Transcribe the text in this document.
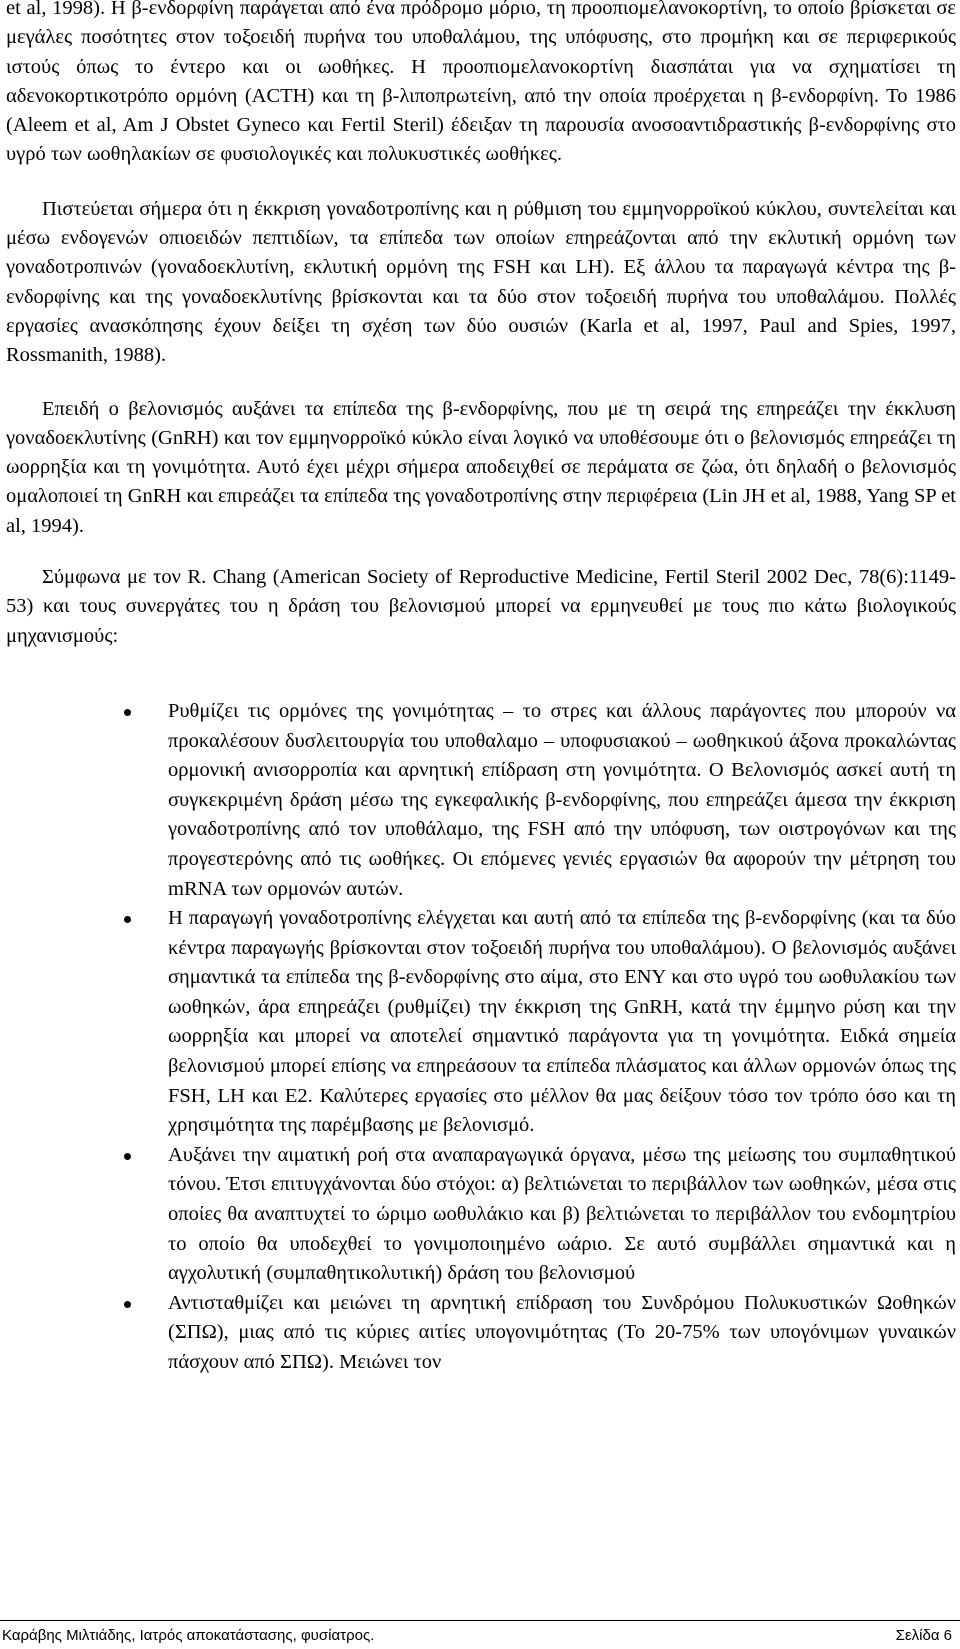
et al, 1998). Η β-ενδορφίνη παράγεται από ένα πρόδρομο μόριο, τη προοπιομελανοκορτίνη, το οποίο βρίσκεται σε μεγάλες ποσότητες στον τοξοειδή πυρήνα του υποθαλάμου, της υπόφυσης, στο προμήκη και σε περιφερικούς ιστούς όπως το έντερο και οι ωοθήκες. Η προοπιομελανοκορτίνη διασπάται για να σχηματίσει τη αδενοκορτικοτρόπο ορμόνη (ACTH) και τη β-λιποπρωτείνη, από την οποία προέρχεται η β-ενδορφίνη. Το 1986 (Aleem et al, Am J Obstet Gyneco και Fertil Steril) έδειξαν τη παρουσία ανοσοαντιδραστικής β-ενδορφίνης στο υγρό των ωοθηλακίων σε φυσιολογικές και πολυκυστικές ωοθήκες.

Πιστεύεται σήμερα ότι η έκκριση γοναδοτροπίνης και η ρύθμιση του εμμηνορροϊκού κύκλου, συντελείται και μέσω ενδογενών οπιοειδών πεπτιδίων, τα επίπεδα των οποίων επηρεάζονται από την εκλυτική ορμόνη των γοναδοτροπινών (γοναδοεκλυτίνη, εκλυτική ορμόνη της FSH και LH). Εξ άλλου τα παραγωγά κέντρα της β-ενδορφίνης και της γοναδοεκλυτίνης βρίσκονται και τα δύο στον τοξοειδή πυρήνα του υποθαλάμου. Πολλές εργασίες ανασκόπησης έχουν δείξει τη σχέση των δύο ουσιών (Karla et al, 1997, Paul and Spies, 1997, Rossmanith, 1988).

Επειδή ο βελονισμός αυξάνει τα επίπεδα της β-ενδορφίνης, που με τη σειρά της επηρεάζει την έκκλυση γοναδοεκλυτίνης (GnRH) και τον εμμηνορροϊκό κύκλο είναι λογικό να υποθέσουμε ότι ο βελονισμός επηρεάζει τη ωορρηξία και τη γονιμότητα. Αυτό έχει μέχρι σήμερα αποδειχθεί σε περάματα σε ζώα, ότι δηλαδή ο βελονισμός ομαλοποιεί τη GnRH και επιρεάζει τα επίπεδα της γοναδοτροπίνης στην περιφέρεια (Lin JH et al, 1988, Yang SP et al, 1994).

Σύμφωνα με τον R. Chang (American Society of Reproductive Medicine, Fertil Steril 2002 Dec, 78(6):1149-53) και τους συνεργάτες του η δράση του βελονισμού μπορεί να ερμηνευθεί με τους πιο κάτω βιολογικούς μηχανισμούς:

Ρυθμίζει τις ορμόνες της γονιμότητας – το στρες και άλλους παράγοντες που μπορούν να προκαλέσουν δυσλειτουργία του υποθαλαμο – υποφυσιακού – ωοθηκικού άξονα προκαλώντας ορμονική ανισορροπία και αρνητική επίδραση στη γονιμότητα. Ο Βελονισμός ασκεί αυτή τη συγκεκριμένη δράση μέσω της εγκεφαλικής β-ενδορφίνης, που επηρεάζει άμεσα την έκκριση γοναδοτροπίνης από τον υποθάλαμο, της FSH από την υπόφυση, των οιστρογόνων και της προγεστερόνης από τις ωοθήκες. Οι επόμενες γενιές εργασιών θα αφορούν την μέτρηση του mRNA των ορμονών αυτών.
Η παραγωγή γοναδοτροπίνης ελέγχεται και αυτή από τα επίπεδα της β-ενδορφίνης (και τα δύο κέντρα παραγωγής βρίσκονται στον τοξοειδή πυρήνα του υποθαλάμου). Ο βελονισμός αυξάνει σημαντικά τα επίπεδα της β-ενδορφίνης στο αίμα, στο ENY και στο υγρό του ωοθυλακίου των ωοθηκών, άρα επηρεάζει (ρυθμίζει) την έκκριση της GnRH, κατά την έμμηνο ρύση και την ωορρηξία και μπορεί να αποτελεί σημαντικό παράγοντα για τη γονιμότητα. Ειδκά σημεία βελονισμού μπορεί επίσης να επηρεάσουν τα επίπεδα πλάσματος και άλλων ορμονών όπως της FSH, LH και E2. Καλύτερες εργασίες στο μέλλον θα μας δείξουν τόσο τον τρόπο όσο και τη χρησιμότητα της παρέμβασης με βελονισμό.
Αυξάνει την αιματική ροή στα αναπαραγωγικά όργανα, μέσω της μείωσης του συμπαθητικού τόνου. Έτσι επιτυγχάνονται δύο στόχοι: α) βελτιώνεται το περιβάλλον των ωοθηκών, μέσα στις οποίες θα αναπτυχτεί το ώριμο ωοθυλάκιο και β) βελτιώνεται το περιβάλλον του ενδομητρίου το οποίο θα υποδεχθεί το γονιμοποιημένο ωάριο. Σε αυτό συμβάλλει σημαντικά και η αγχολυτική (συμπαθητικολυτική) δράση του βελονισμού
Αντισταθμίζει και μειώνει τη αρνητική επίδραση του Συνδρόμου Πολυκυστικών Ωοθηκών (ΣΠΩ), μιας από τις κύριες αιτίες υπογονιμότητας (Το 20-75% των υπογόνιμων γυναικών πάσχουν από ΣΠΩ). Μειώνει τον
Καράβης Μιλτιάδης, Ιατρός αποκατάστασης, φυσίατρος.	Σελίδα 6
